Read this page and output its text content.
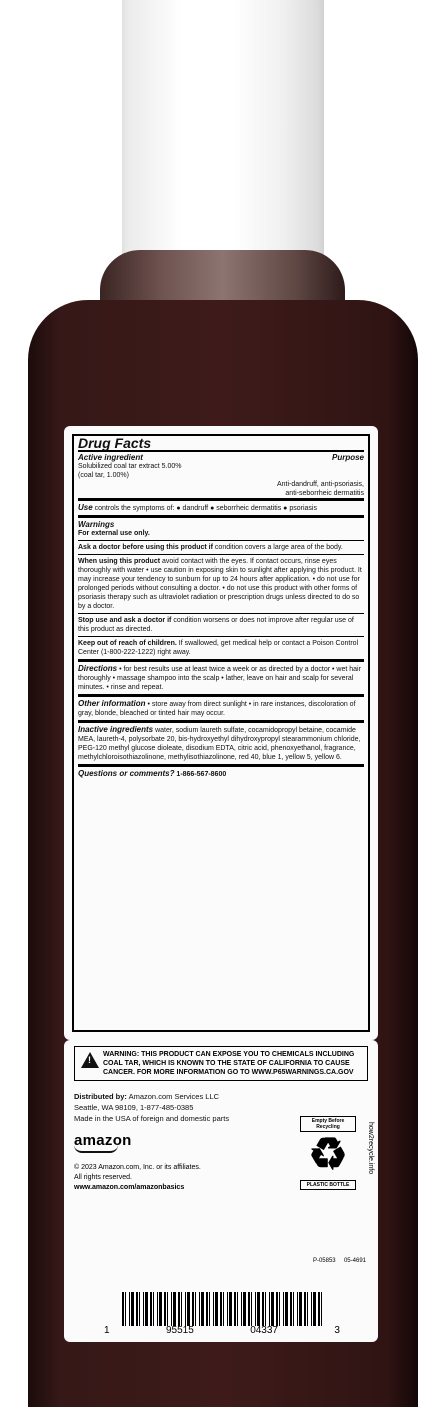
Drug Facts
Active ingredient	Purpose
Solubilized coal tar extract 5.00%
(coal tar, 1.00%)
Anti-dandruff, anti-psoriasis,
anti-seborrheic dermatitis
Use controls the symptoms of: ● dandruff ● seborrheic dermatitis ● psoriasis
Warnings
For external use only.
Ask a doctor before using this product if condition covers a large area of the body.
When using this product avoid contact with the eyes. If contact occurs, rinse eyes thoroughly with water • use caution in exposing skin to sunlight after applying this product. It may increase your tendency to sunburn for up to 24 hours after application. • do not use for prolonged periods without consulting a doctor. • do not use this product with other forms of psoriasis therapy such as ultraviolet radiation or prescription drugs unless directed to do so by a doctor.
Stop use and ask a doctor if condition worsens or does not improve after regular use of this product as directed.
Keep out of reach of children. If swallowed, get medical help or contact a Poison Control Center (1-800-222-1222) right away.
Directions • for best results use at least twice a week or as directed by a doctor • wet hair thoroughly • massage shampoo into the scalp • lather, leave on hair and scalp for several minutes. • rinse and repeat.
Other information • store away from direct sunlight • in rare instances, discoloration of gray, blonde, bleached or tinted hair may occur.
Inactive ingredients water, sodium laureth sulfate, cocamidopropyl betaine, cocamide MEA, laureth-4, polysorbate 20, bis-hydroxyethyl dihydroxypropyl stearammonium chloride, PEG-120 methyl glucose dioleate, disodium EDTA, citric acid, phenoxyethanol, fragrance, methylchloroisothiazolinone, methylisothiazolinone, red 40, blue 1, yellow 5, yellow 6.
Questions or comments? 1-866-567-8600
!
WARNING: THIS PRODUCT CAN EXPOSE YOU TO CHEMICALS INCLUDING COAL TAR, WHICH IS KNOWN TO THE STATE OF CALIFORNIA TO CAUSE CANCER. FOR MORE INFORMATION GO TO WWW.P65WARNINGS.CA.GOV
Distributed by: Amazon.com Services LLC
Seattle, WA 98109, 1-877-485-0385
Made in the USA of foreign and domestic parts
amazon
© 2023 Amazon.com, Inc. or its affiliates.
All rights reserved.
www.amazon.com/amazonbasics
P-05853 05-4691
Empty Before Recycling
♻
PLASTIC BOTTLE
how2recycle.info
1	95515	04337	3
